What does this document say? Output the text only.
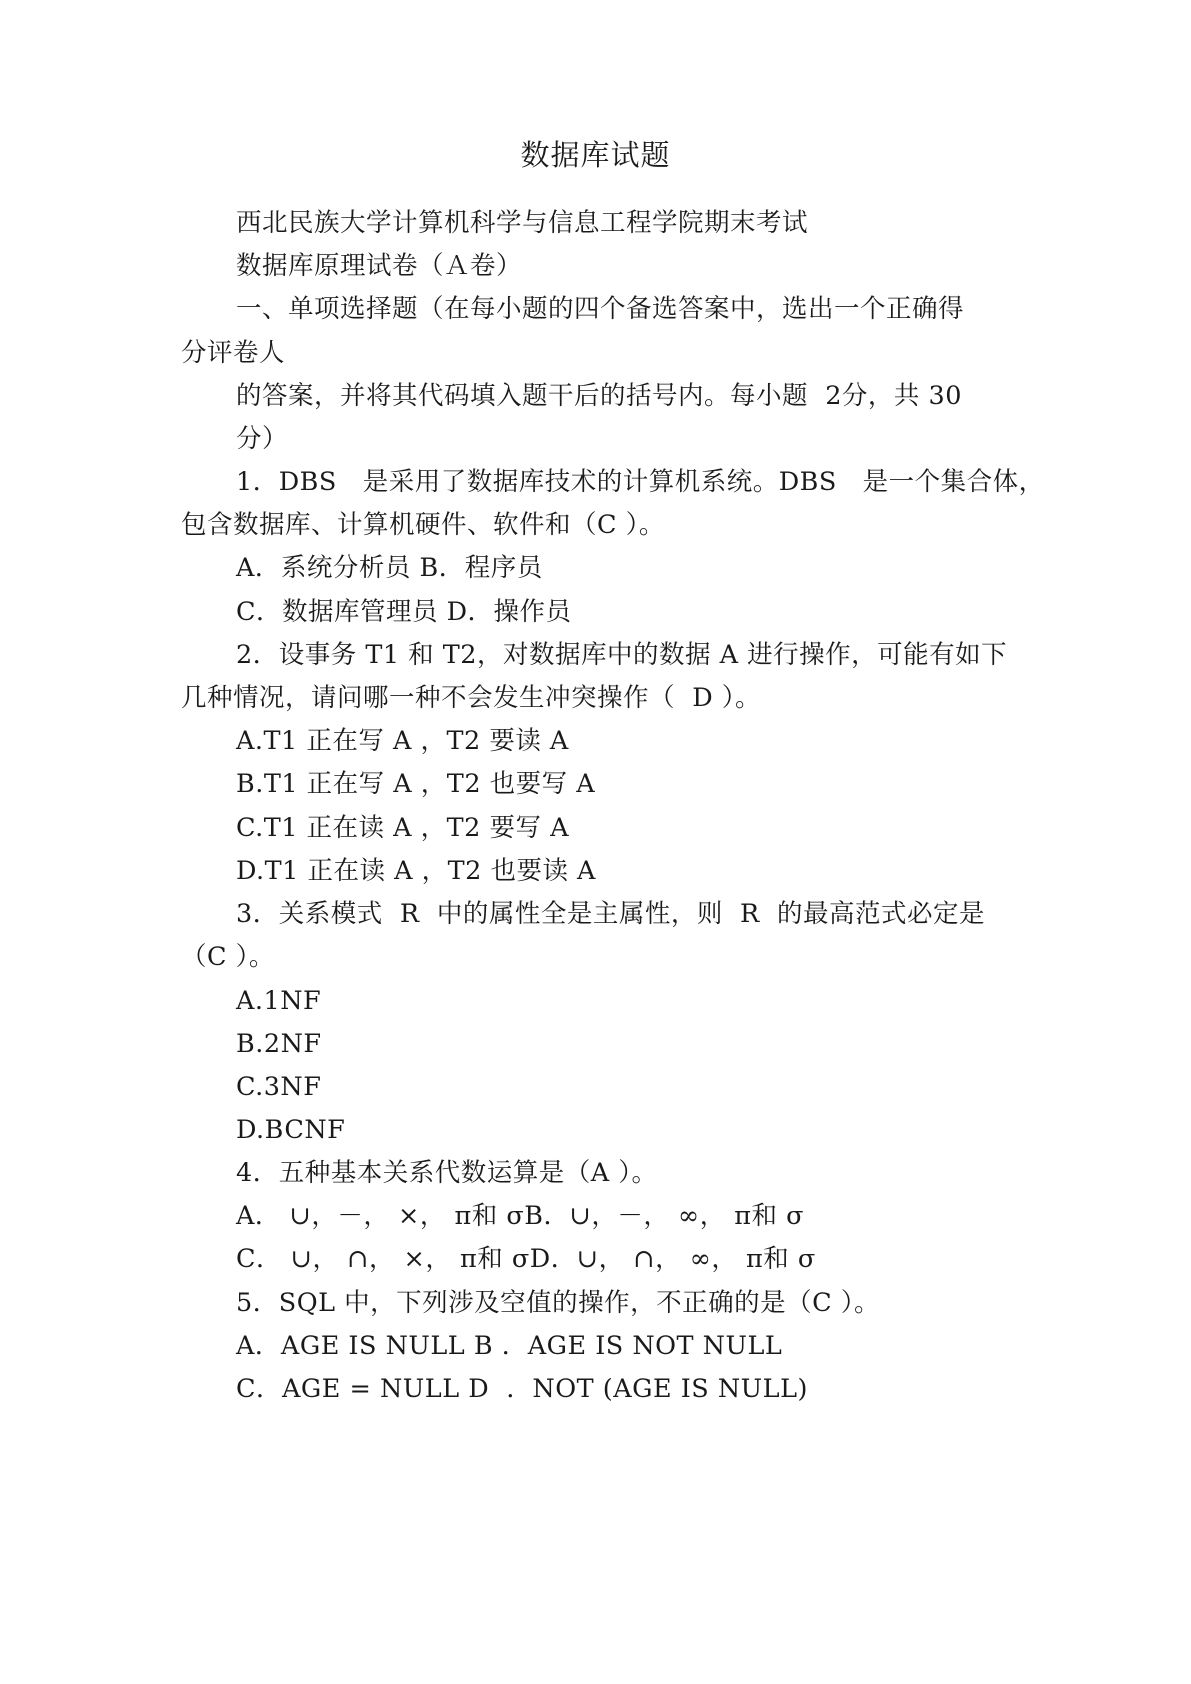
数据库试题
西北民族大学计算机科学与信息工程学院期末考试
数据库原理试卷（Ａ卷）
一、单项选择题（在每小题的四个备选答案中，选出一个正确得
分评卷人
的答案，并将其代码填入题干后的括号内。每小题  2分，共 30
分）
1．DBS   是采用了数据库技术的计算机系统。DBS   是一个集合体，
包含数据库、计算机硬件、软件和（C ）。
A．系统分析员 B．程序员
C．数据库管理员 D．操作员
2．设事务 T1 和 T2，对数据库中的数据 A 进行操作，可能有如下
几种情况，请问哪一种不会发生冲突操作（  D ）。
A.T1 正在写 A ，T2 要读 A
B.T1 正在写 A ，T2 也要写 A
C.T1 正在读 A ，T2 要写 A
D.T1 正在读 A ，T2 也要读 A
3．关系模式  R  中的属性全是主属性，则  R  的最高范式必定是
（C ）。
A.1NF
B.2NF
C.3NF
D.BCNF
4．五种基本关系代数运算是（A ）。
A． ∪，－， ×， π和 σB．∪，－， ∞， π和 σ
C． ∪， ∩， ×， π和 σD．∪， ∩， ∞， π和 σ
5．SQL 中，下列涉及空值的操作，不正确的是（C ）。
A．AGE IS NULL B ．AGE IS NOT NULL
C．AGE = NULL D  ．NOT (AGE IS NULL)
